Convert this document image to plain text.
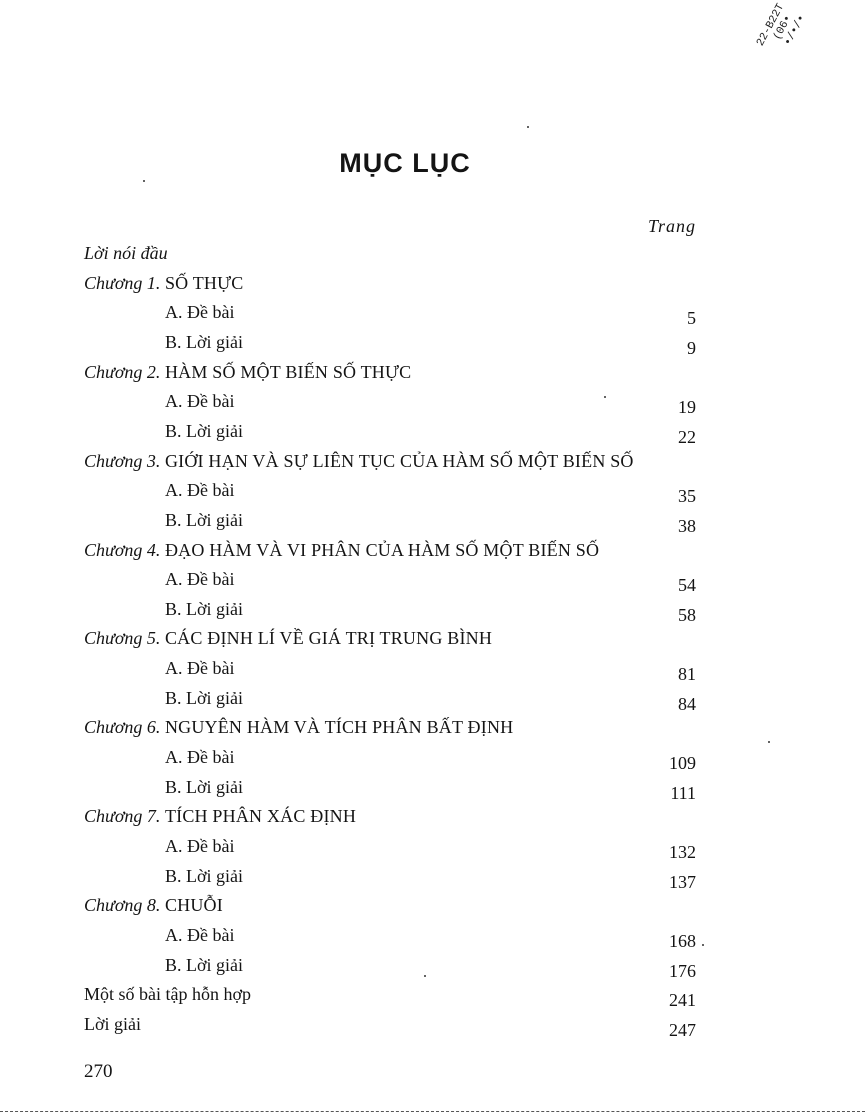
22-B22T
(06•
•/•/•
MỤC LỤC
Trang
Lời nói đầu
Chương 1. SỐ THỰC
A. Đề bài	5
B. Lời giải	9
Chương 2. HÀM SỐ MỘT BIẾN SỐ THỰC
A. Đề bài	19
B. Lời giải	22
Chương 3. GIỚI HẠN VÀ SỰ LIÊN TỤC CỦA HÀM SỐ MỘT BIẾN SỐ
A. Đề bài	35
B. Lời giải	38
Chương 4. ĐẠO HÀM VÀ VI PHÂN CỦA HÀM SỐ MỘT BIẾN SỐ
A. Đề bài	54
B. Lời giải	58
Chương 5. CÁC ĐỊNH LÍ VỀ GIÁ TRỊ TRUNG BÌNH
A. Đề bài	81
B. Lời giải	84
Chương 6. NGUYÊN HÀM VÀ TÍCH PHÂN BẤT ĐỊNH
A. Đề bài	109
B. Lời giải	111
Chương 7. TÍCH PHÂN XÁC ĐỊNH
A. Đề bài	132
B. Lời giải	137
Chương 8. CHUỖI
A. Đề bài	168
B. Lời giải	176
Một số bài tập hỗn hợp	241
Lời giải	247
270
